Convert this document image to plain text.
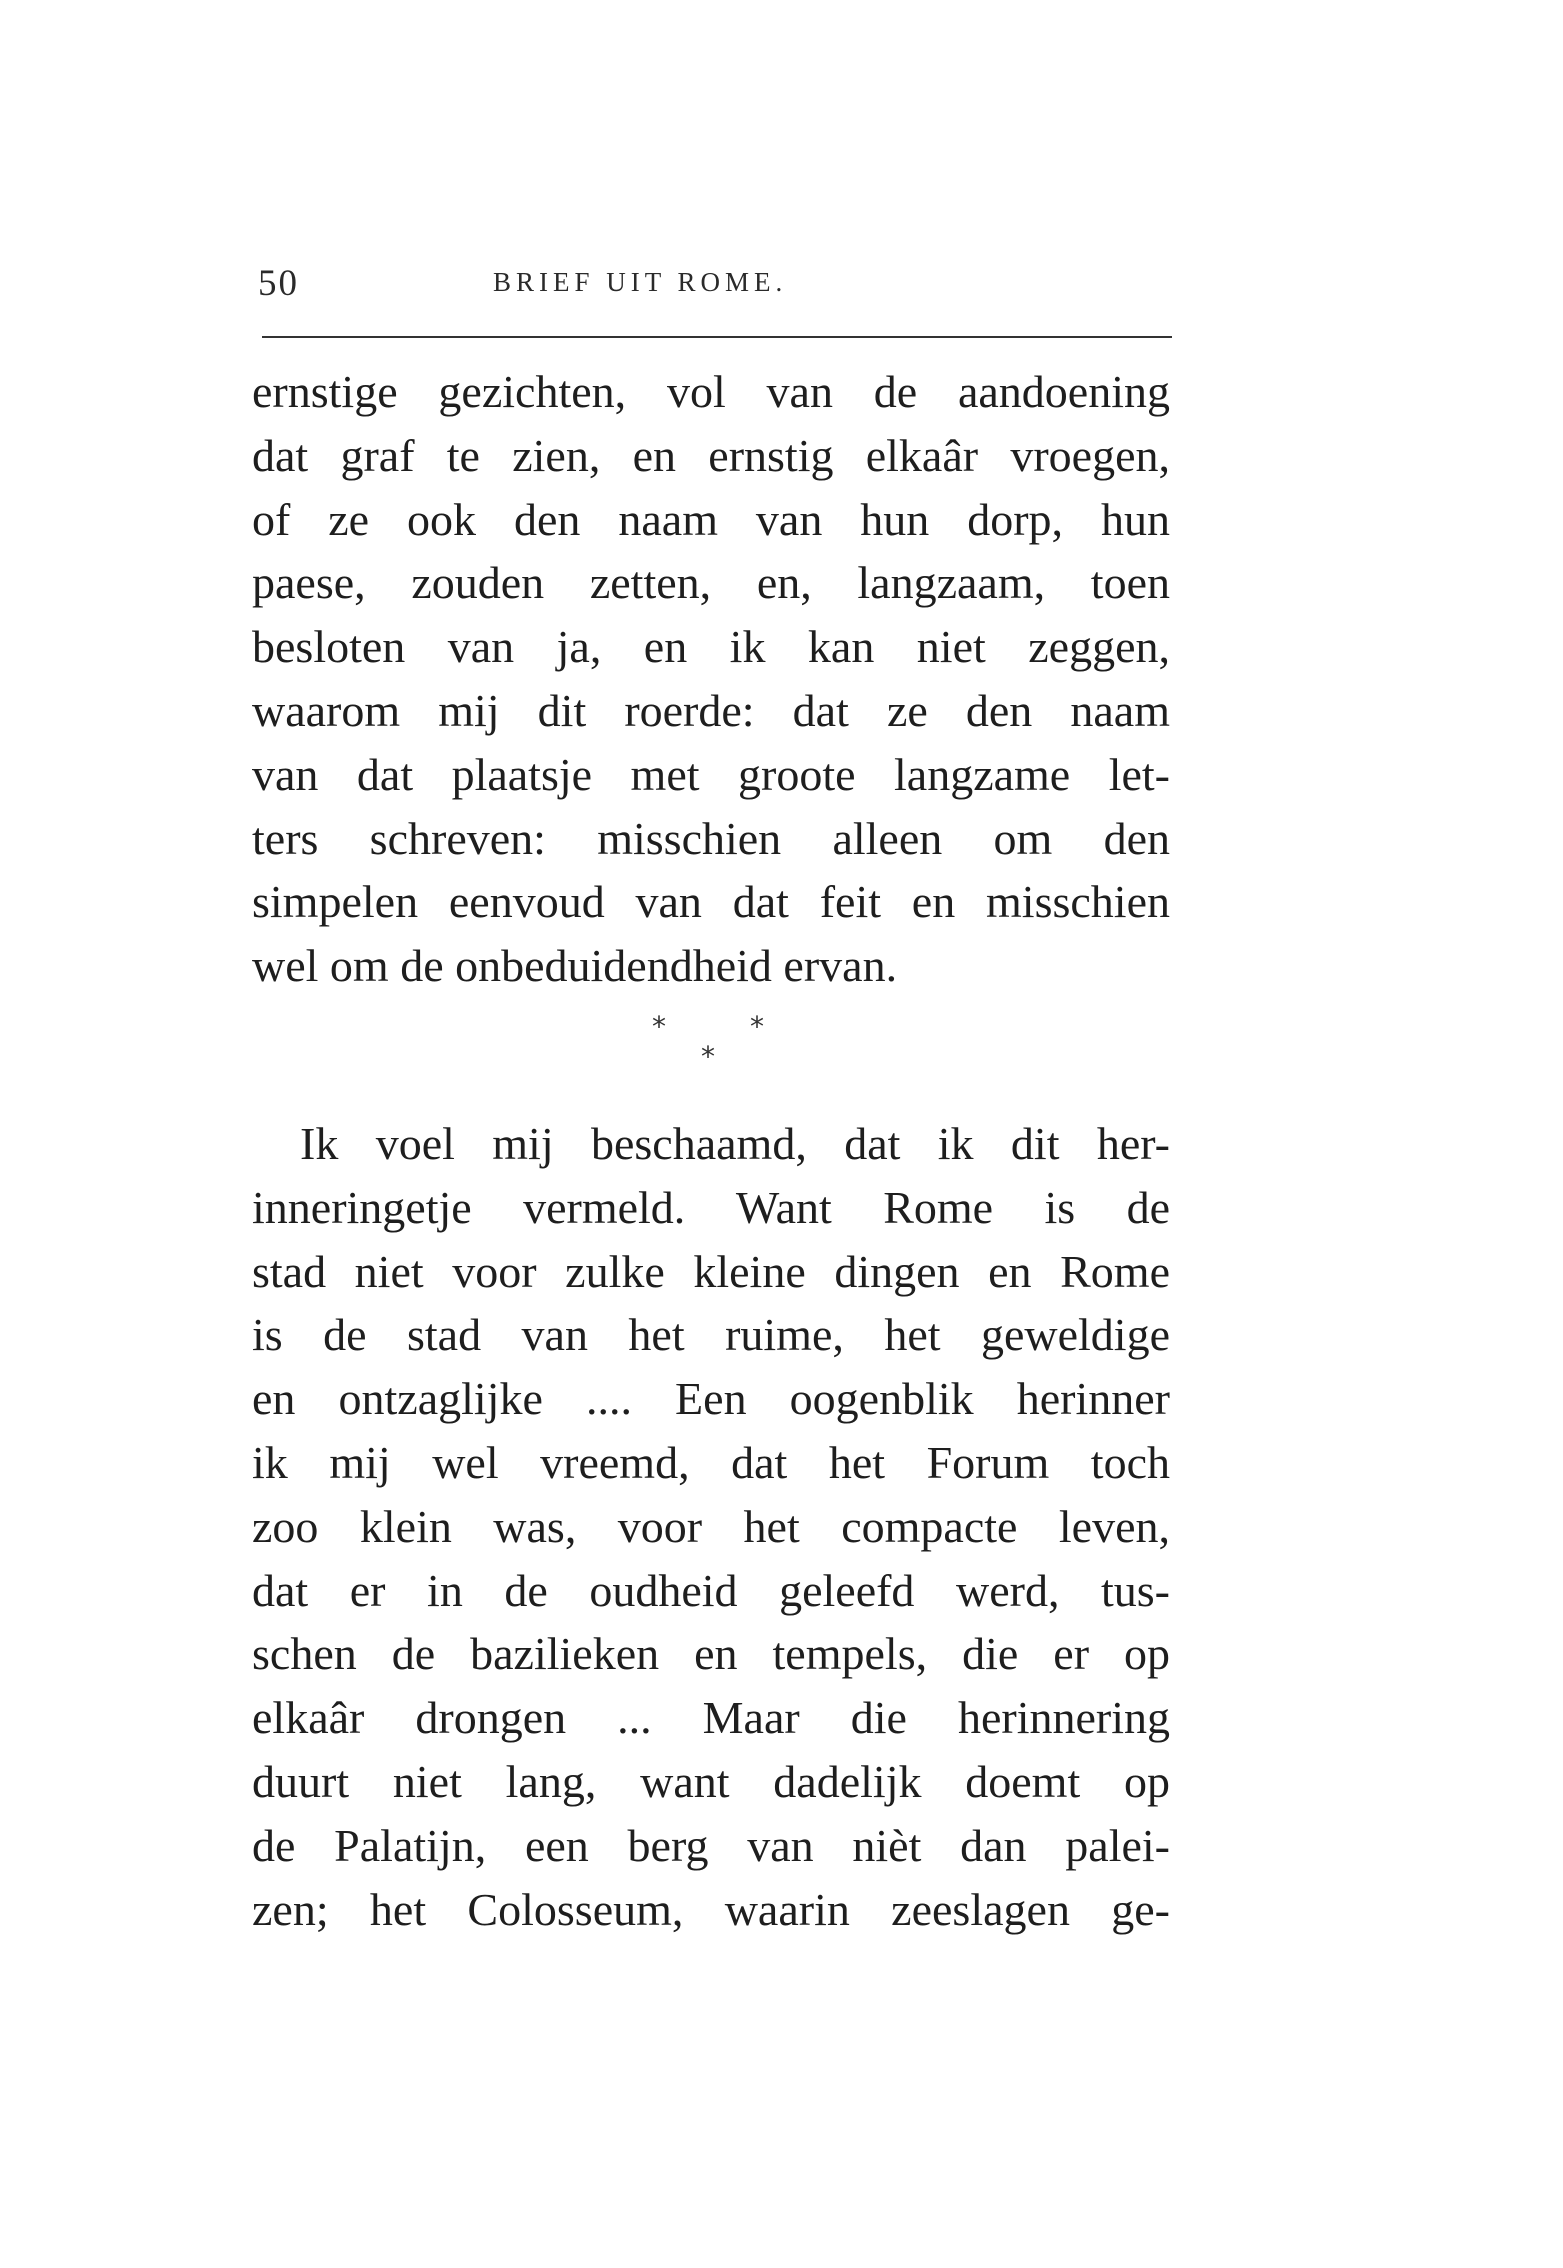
50	BRIEF UIT ROME.
ernstige gezichten, vol van de aandoening
dat graf te zien, en ernstig elkaâr vroegen,
of ze ook den naam van hun dorp, hun
paese, zouden zetten, en, langzaam, toen
besloten van ja, en ik kan niet zeggen,
waarom mij dit roerde: dat ze den naam
van dat plaatsje met groote langzame let-
ters schreven: misschien alleen om den
simpelen eenvoud van dat feit en misschien
wel om de onbeduidendheid ervan.
*	*
*
Ik voel mij beschaamd, dat ik dit her-
inneringetje vermeld. Want Rome is de
stad niet voor zulke kleine dingen en Rome
is de stad van het ruime, het geweldige
en ontzaglijke .... Een oogenblik herinner
ik mij wel vreemd, dat het Forum toch
zoo klein was, voor het compacte leven,
dat er in de oudheid geleefd werd, tus-
schen de bazilieken en tempels, die er op
elkaâr drongen ... Maar die herinnering
duurt niet lang, want dadelijk doemt op
de Palatijn, een berg van nièt dan palei-
zen; het Colosseum, waarin zeeslagen ge-
